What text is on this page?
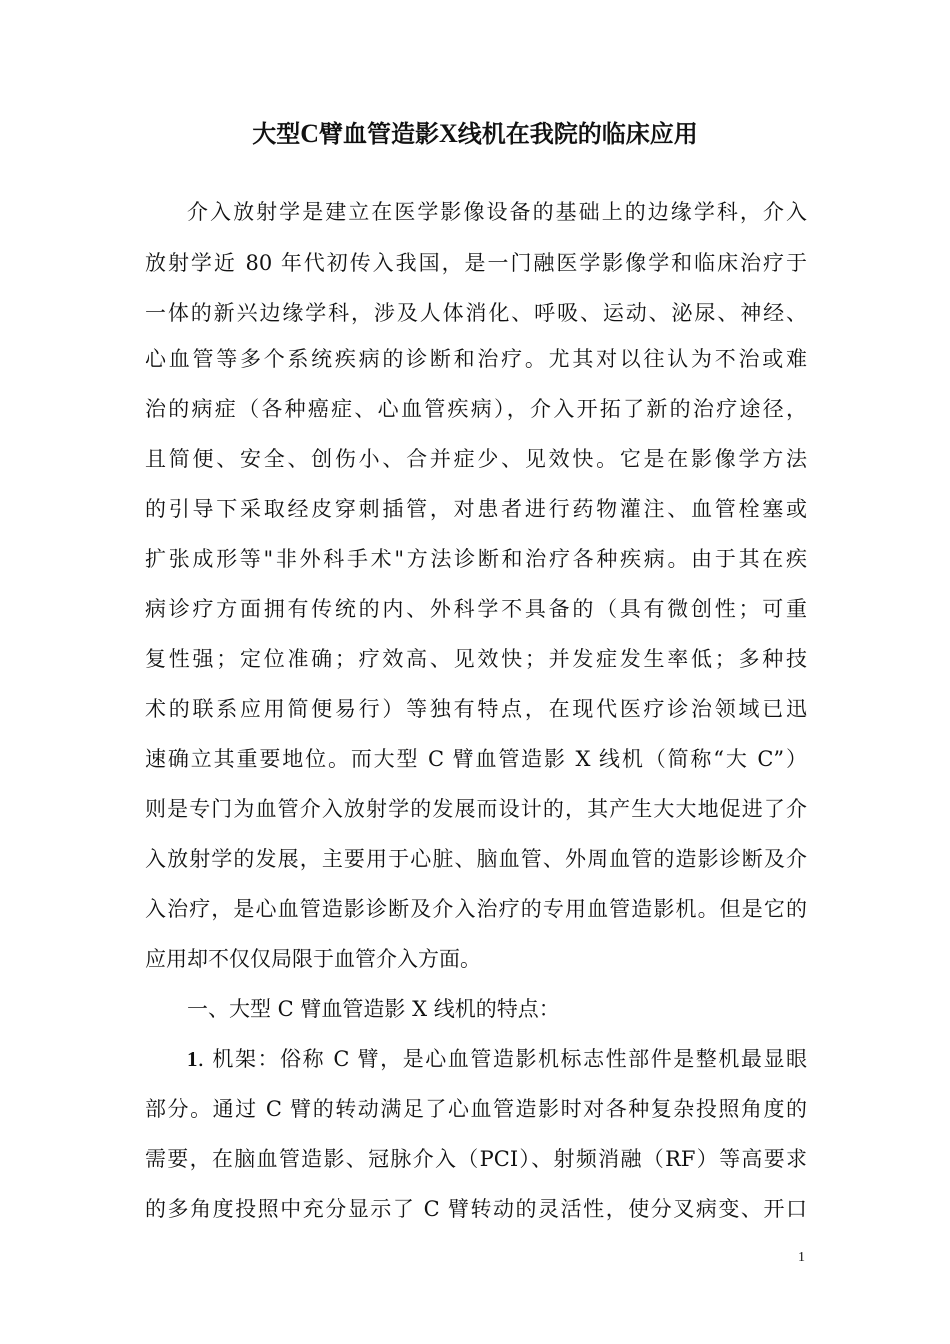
大型C臂血管造影X线机在我院的临床应用
介入放射学是建立在医学影像设备的基础上的边缘学科，介入
放射学近 80 年代初传入我国，是一门融医学影像学和临床治疗于
一体的新兴边缘学科，涉及人体消化、呼吸、运动、泌尿、神经、
心血管等多个系统疾病的诊断和治疗。尤其对以往认为不治或难
治的病症（各种癌症、心血管疾病），介入开拓了新的治疗途径，
且简便、安全、创伤小、合并症少、见效快。它是在影像学方法
的引导下采取经皮穿刺插管，对患者进行药物灌注、血管栓塞或
扩张成形等"非外科手术"方法诊断和治疗各种疾病。由于其在疾
病诊疗方面拥有传统的内、外科学不具备的（具有微创性；可重
复性强；定位准确；疗效高、见效快；并发症发生率低；多种技
术的联系应用简便易行）等独有特点，在现代医疗诊治领域已迅
速确立其重要地位。而大型 C 臂血管造影 X 线机（简称“大 C”）
则是专门为血管介入放射学的发展而设计的，其产生大大地促进了介
入放射学的发展，主要用于心脏、脑血管、外周血管的造影诊断及介
入治疗，是心血管造影诊断及介入治疗的专用血管造影机。但是它的
应用却不仅仅局限于血管介入方面。
一、大型 C 臂血管造影 X 线机的特点：
1 . 机架：俗称 C 臂，是心血管造影机标志性部件是整机最显眼
部分。通过 C 臂的转动满足了心血管造影时对各种复杂投照角度的
需要，在脑血管造影、冠脉介入（PCI）、射频消融（RF）等高要求
的多角度投照中充分显示了 C 臂转动的灵活性，使分叉病变、开口
1
